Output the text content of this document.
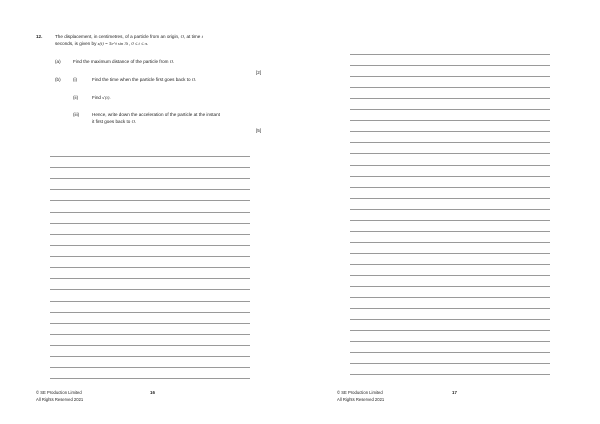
12.	The displacement, in centimetres, of a particle from an origin, O, at time t
seconds, is given by s(t) = 5e^t sin 3t , 0 ≤ t ≤ π.
(a)	Find the maximum distance of the particle from O.
[2]
(b)	(i)	Find the time when the particle first goes back to O.
(ii)	Find s′(t).
(iii)	Hence, write down the acceleration of the particle at the instant
it first goes back to O.
[5]
© SE Production Limited
All Rights Reserved 2021
16	© SE Production Limited
All Rights Reserved 2021
17
